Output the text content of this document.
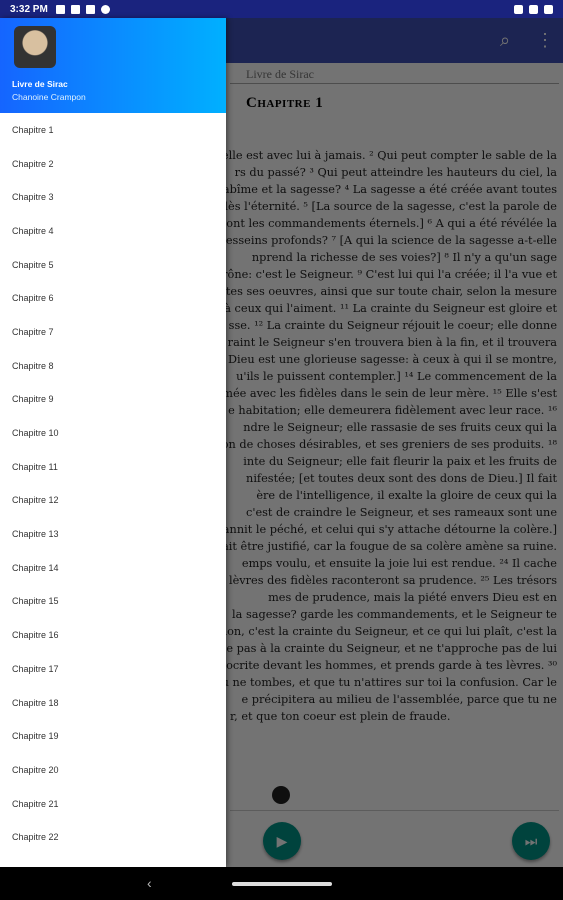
3:32 PM
Livre de Sirac
Chanoine Crampon
Chapitre 1
Chapitre 2
Chapitre 3
Chapitre 4
Chapitre 5
Chapitre 6
Chapitre 7
Chapitre 8
Chapitre 9
Chapitre 10
Chapitre 11
Chapitre 12
Chapitre 13
Chapitre 14
Chapitre 15
Chapitre 16
Chapitre 17
Chapitre 18
Chapitre 19
Chapitre 20
Chapitre 21
Chapitre 22
‹
